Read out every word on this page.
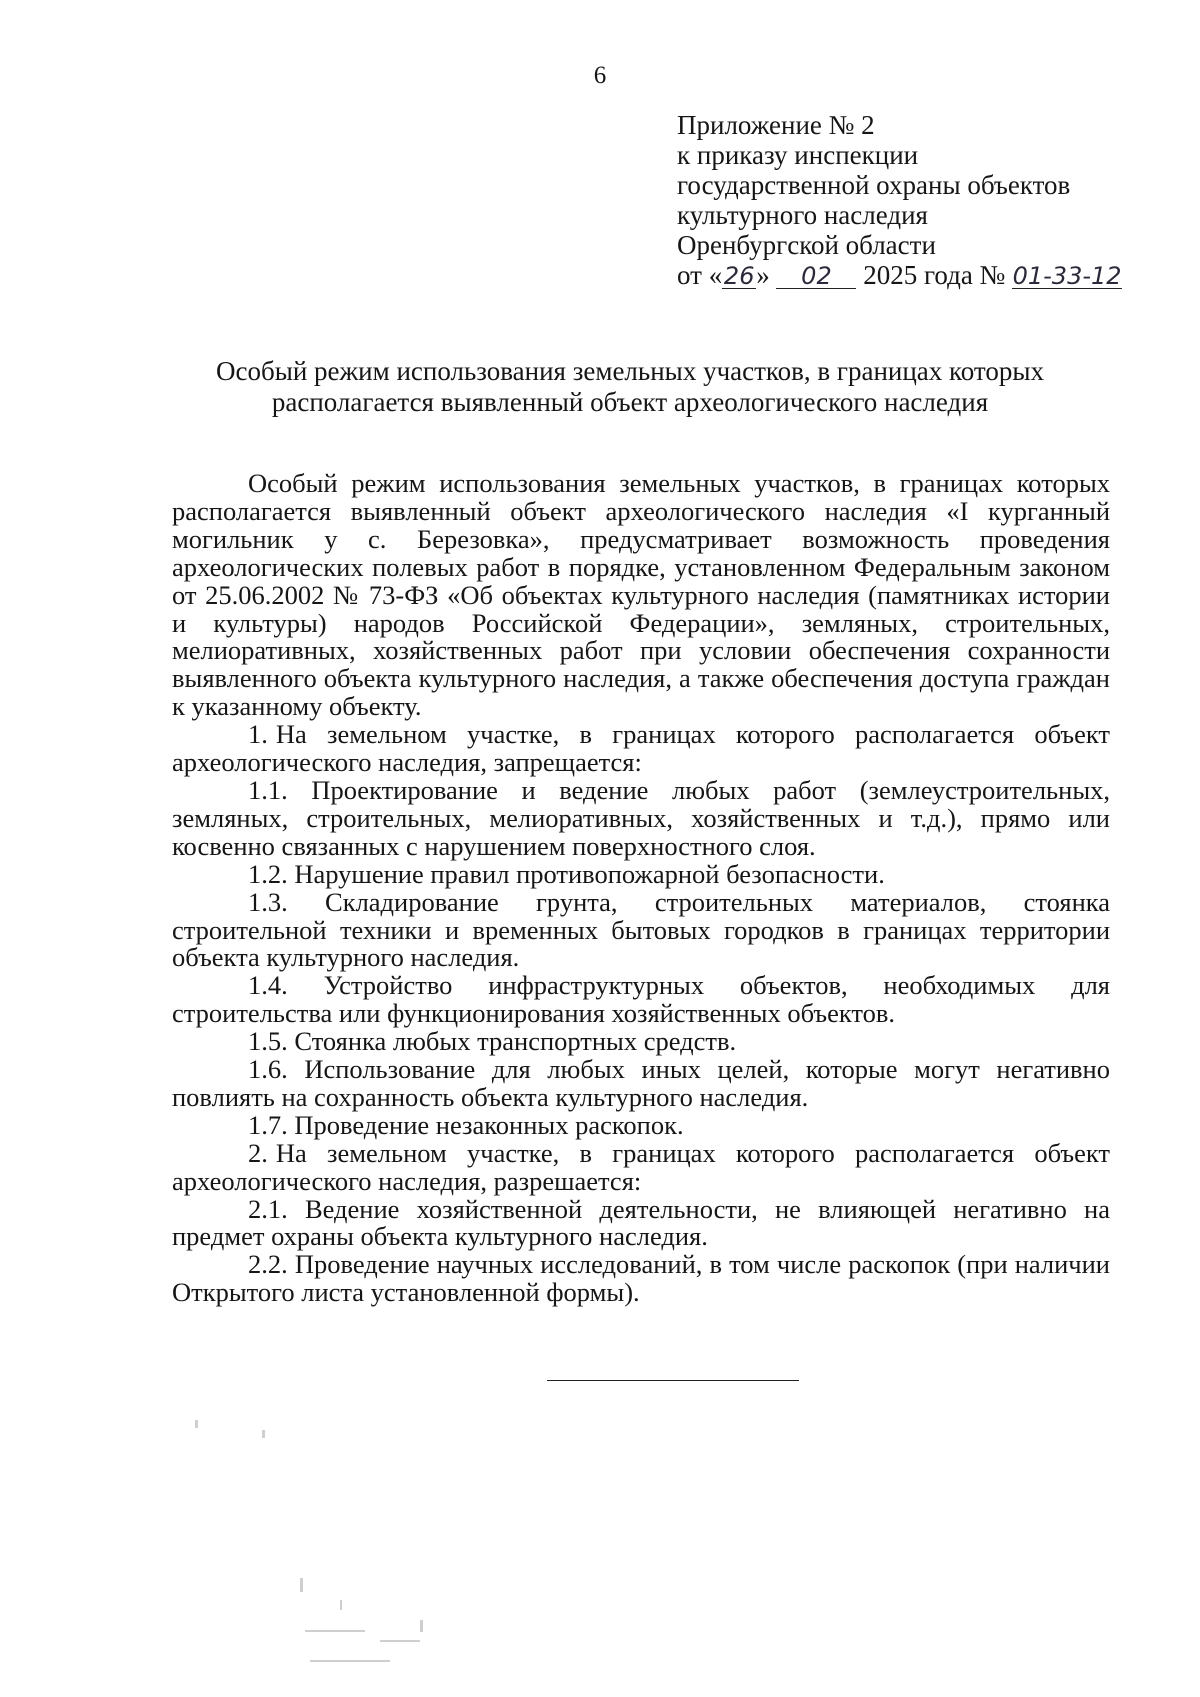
6
Приложение № 2
к приказу инспекции
государственной охраны объектов
культурного наследия
Оренбургской области
от «26» 02 2025 года № 01-33-12
Особый режим использования земельных участков, в границах которых
располагается выявленный объект археологического наследия

Особый режим использования земельных участков, в границах которых располагается выявленный объект археологического наследия «I курганный могильник у с. Березовка», предусматривает возможность проведения археологических полевых работ в порядке, установленном Федеральным законом от 25.06.2002 № 73-ФЗ «Об объектах культурного наследия (памятниках истории и культуры) народов Российской Федерации», земляных, строительных, мелиоративных, хозяйственных работ при условии обеспечения сохранности выявленного объекта культурного наследия, а также обеспечения доступа граждан к указанному объекту.

1. На земельном участке, в границах которого располагается объект археологического наследия, запрещается:

1.1. Проектирование и ведение любых работ (землеустроительных, земляных, строительных, мелиоративных, хозяйственных и т.д.), прямо или косвенно связанных с нарушением поверхностного слоя.

1.2. Нарушение правил противопожарной безопасности.

1.3. Складирование грунта, строительных материалов, стоянка строительной техники и временных бытовых городков в границах территории объекта культурного наследия.

1.4. Устройство инфраструктурных объектов, необходимых для строительства или функционирования хозяйственных объектов.

1.5. Стоянка любых транспортных средств.

1.6. Использование для любых иных целей, которые могут негативно повлиять на сохранность объекта культурного наследия.

1.7. Проведение незаконных раскопок.

2. На земельном участке, в границах которого располагается объект археологического наследия, разрешается:

2.1. Ведение хозяйственной деятельности, не влияющей негативно на предмет охраны объекта культурного наследия.

2.2. Проведение научных исследований, в том числе раскопок (при наличии Открытого листа установленной формы).
